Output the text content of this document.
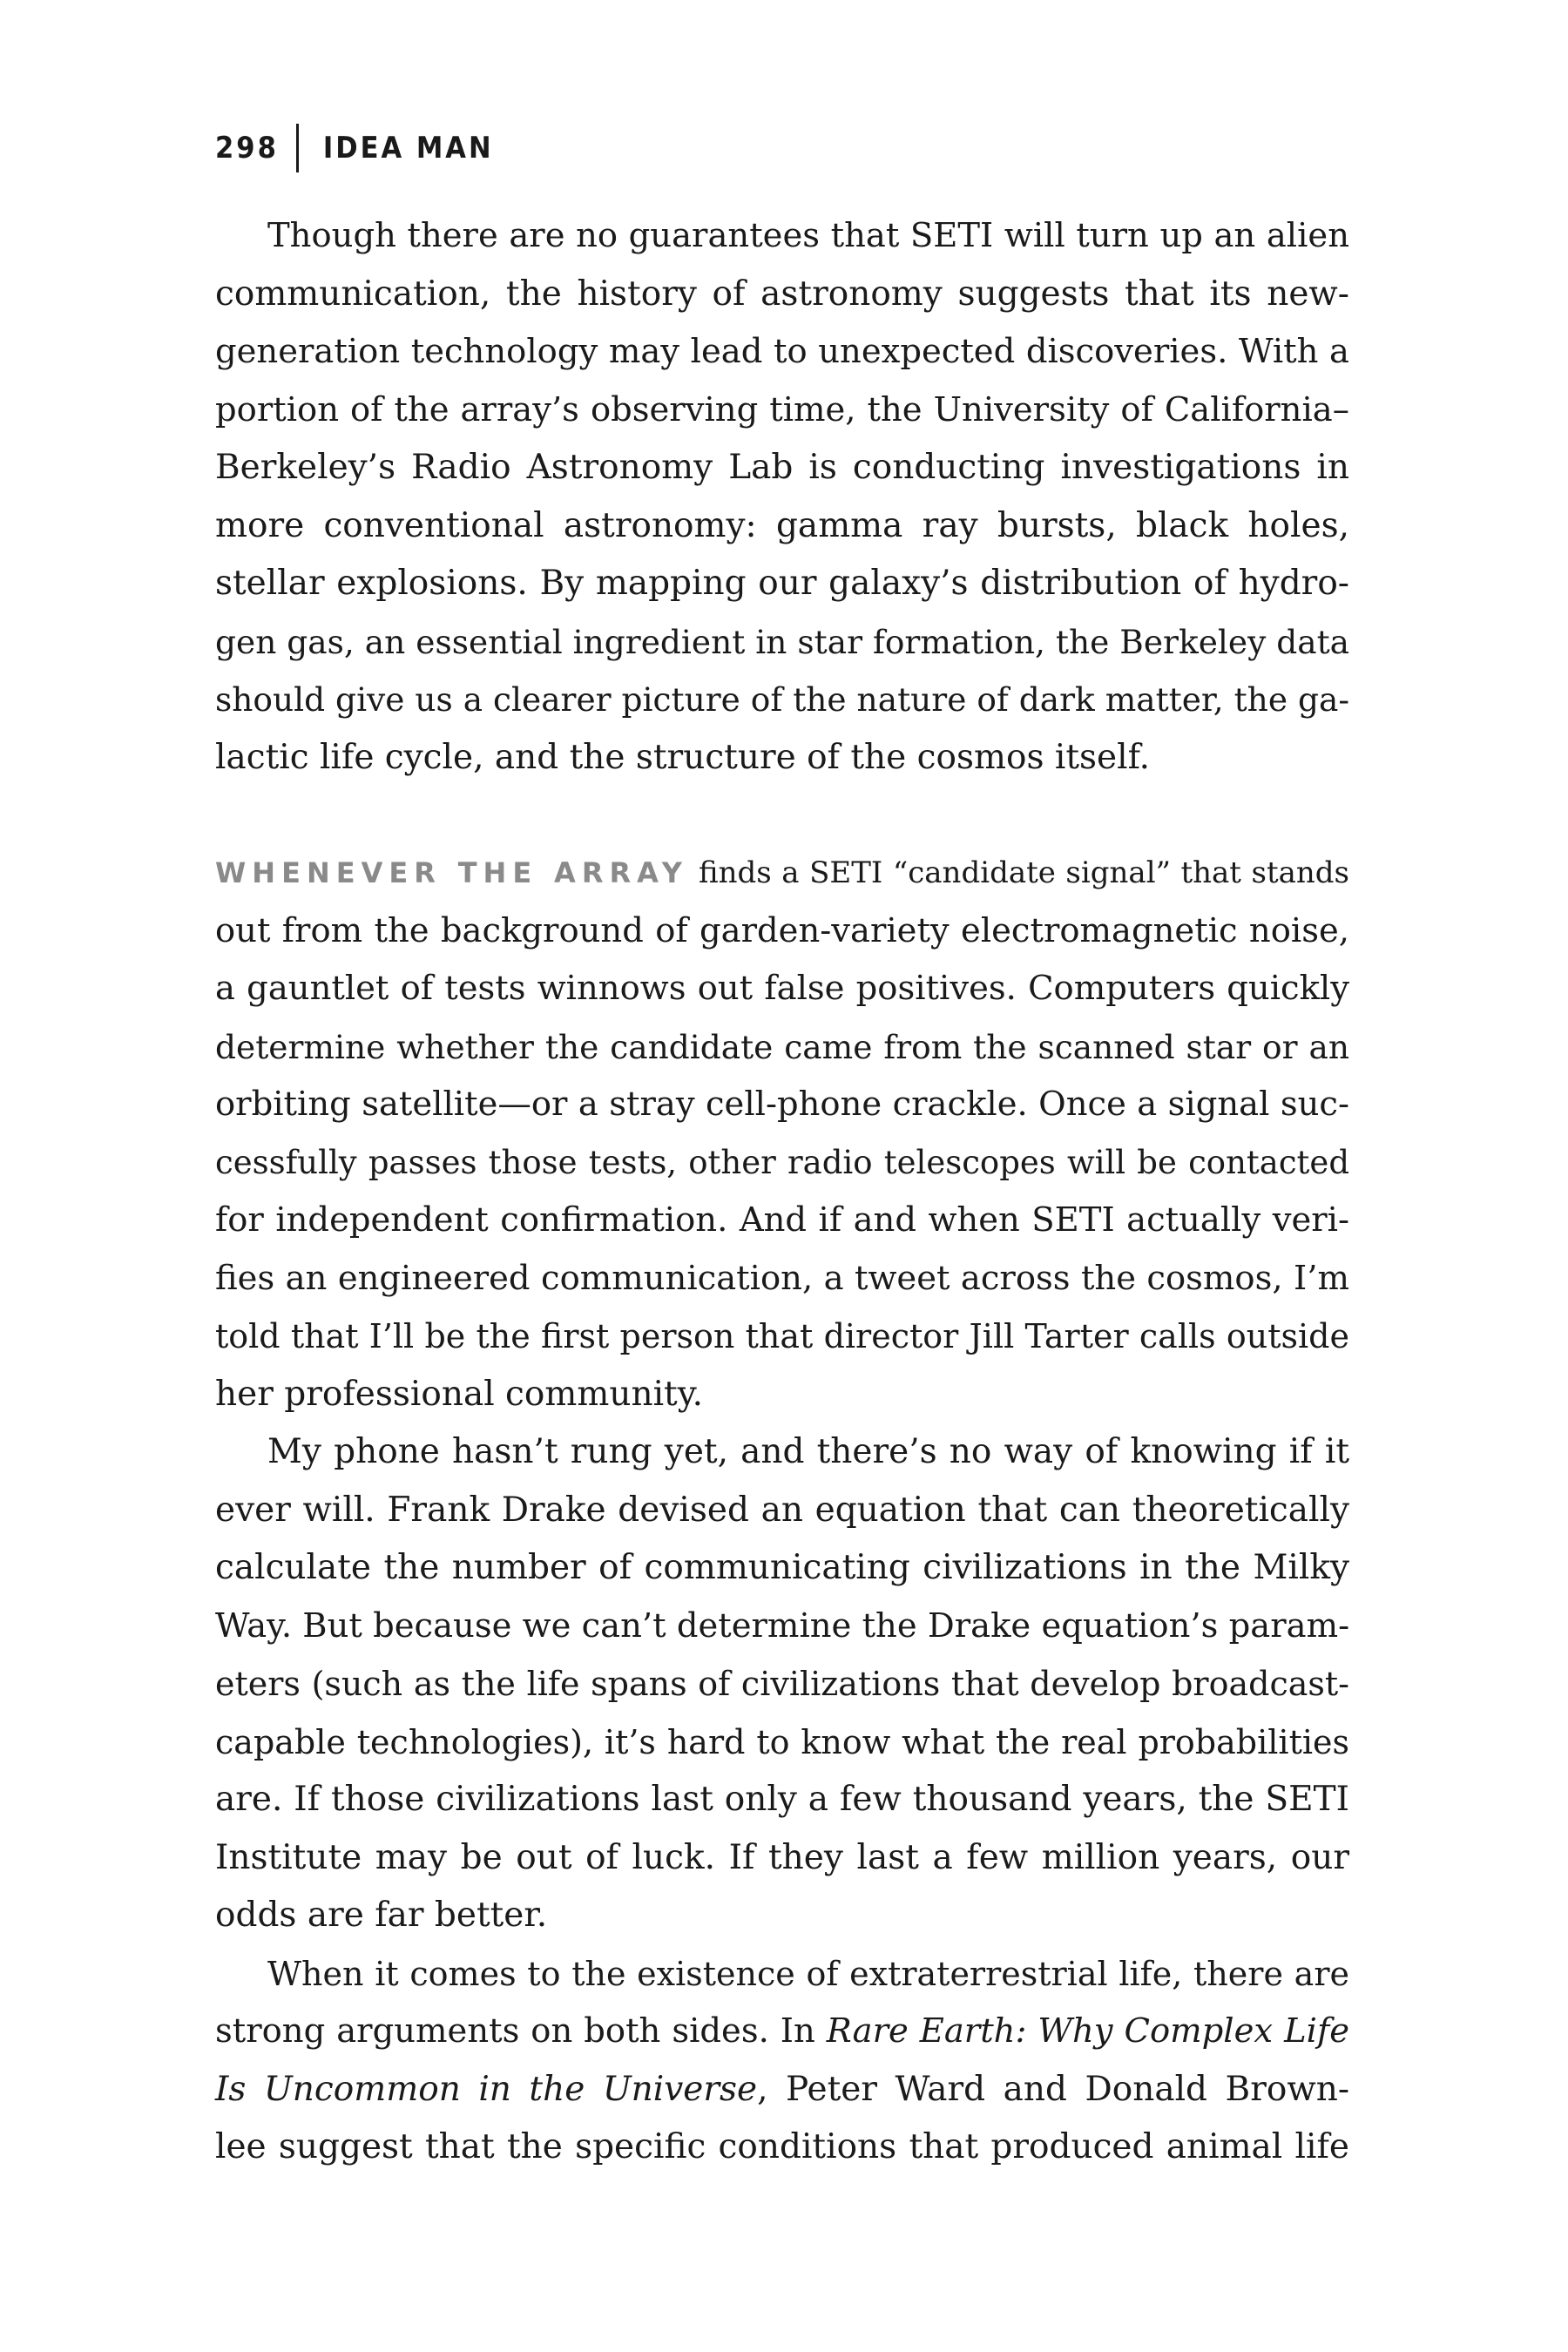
298 IDEA MAN
Though there are no guarantees that SETI will turn up an alien
communication, the history of astronomy suggests that its new-
generation technology may lead to unexpected discoveries. With a
portion of the array’s observing time, the University of California–
Berkeley’s Radio Astronomy Lab is conducting investigations in
more conventional astronomy: gamma ray bursts, black holes,
stellar explosions. By mapping our galaxy’s distribution of hydro-
gen gas, an essential ingredient in star formation, the Berkeley data
should give us a clearer picture of the nature of dark matter, the ga-
lactic life cycle, and the structure of the cosmos itself.
WHENEVER THE ARRAY finds a SETI “candidate signal” that stands
out from the background of garden-variety electromagnetic noise,
a gauntlet of tests winnows out false positives. Computers quickly
determine whether the candidate came from the scanned star or an
orbiting satellite—or a stray cell-phone crackle. Once a signal suc-
cessfully passes those tests, other radio telescopes will be contacted
for independent confirmation. And if and when SETI actually veri-
fies an engineered communication, a tweet across the cosmos, I’m
told that I’ll be the first person that director Jill Tarter calls outside
her professional community.
My phone hasn’t rung yet, and there’s no way of knowing if it
ever will. Frank Drake devised an equation that can theoretically
calculate the number of communicating civilizations in the Milky
Way. But because we can’t determine the Drake equation’s param-
eters (such as the life spans of civilizations that develop broadcast-
capable technologies), it’s hard to know what the real probabilities
are. If those civilizations last only a few thousand years, the SETI
Institute may be out of luck. If they last a few million years, our
odds are far better.
When it comes to the existence of extraterrestrial life, there are
strong arguments on both sides. In Rare Earth: Why Complex Life
Is Uncommon in the Universe, Peter Ward and Donald Brown-
lee suggest that the specific conditions that produced animal life
